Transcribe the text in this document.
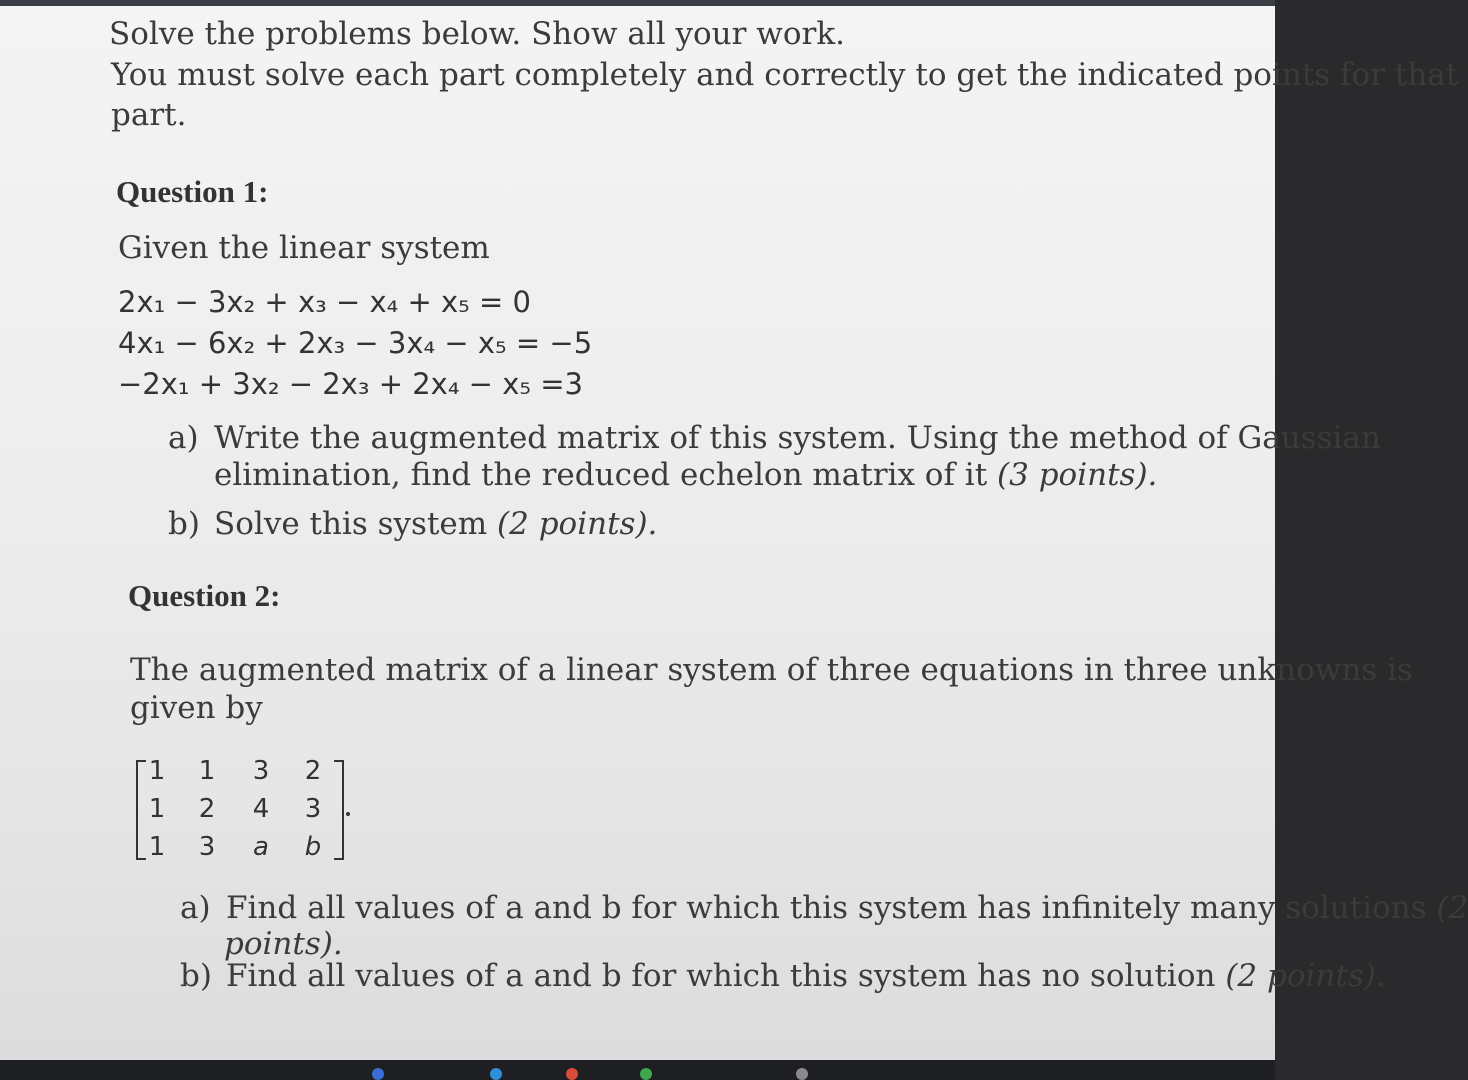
Solve the problems below. Show all your work.
You must solve each part completely and correctly to get the indicated points for that
part.
Question 1:
Given the linear system
2x₁ − 3x₂ + x₃ − x₄ + x₅ = 0
4x₁ − 6x₂ + 2x₃ − 3x₄ − x₅ = −5
−2x₁ + 3x₂ − 2x₃ + 2x₄ − x₅ =3
a) Write the augmented matrix of this system. Using the method of Gaussian
elimination, find the reduced echelon matrix of it (3 points).
b) Solve this system (2 points).
Question 2:
The augmented matrix of a linear system of three equations in three unknowns is
given by
1 1 3 2
1 2 4 3
1 3 a b
a) Find all values of a and b for which this system has infinitely many solutions (2
points).
b) Find all values of a and b for which this system has no solution (2 points).
